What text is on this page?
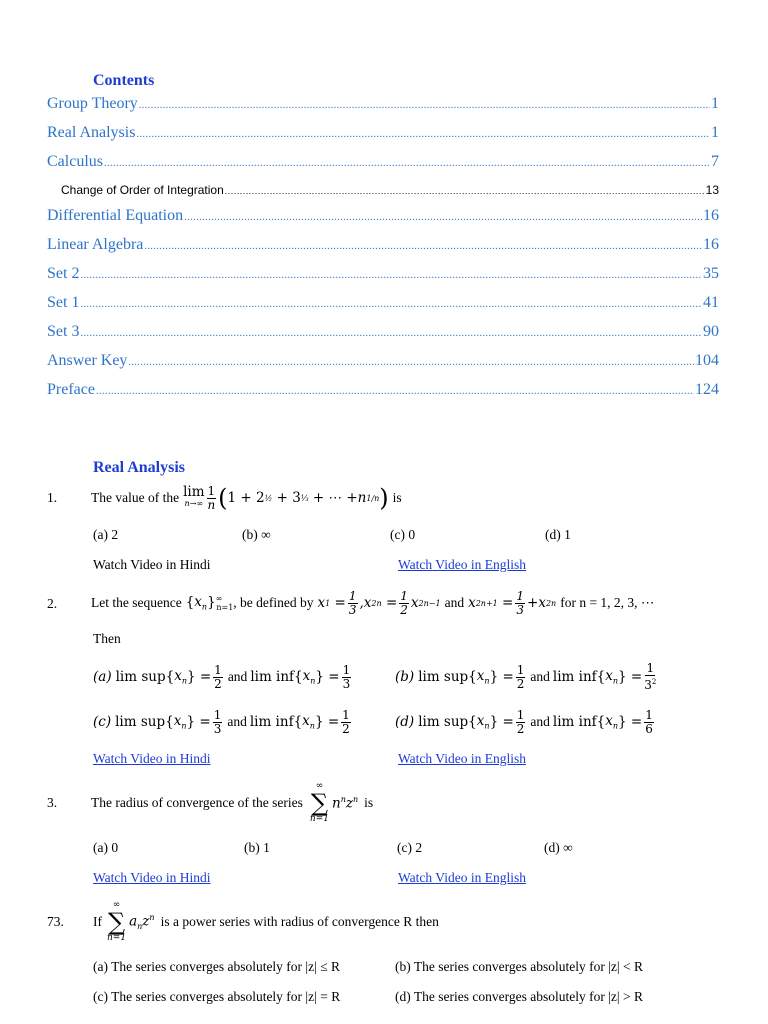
Contents
Group Theory .....	1
Real Analysis .....	1
Calculus .....	7
Change of Order of Integration .....	13
Differential Equation .....	16
Linear Algebra .....	16
Set 2 .....	35
Set 1 .....	41
Set 3 .....	90
Answer Key .....	104
Preface .....	124
Real Analysis
1.	The value of the lim
$n\to\infty \frac{1}{n}$ ( 1 + 2 ½ + 3 ⅓ + ⋯ + n 1/n ) is
(a) 2	(b) ∞	(c) 0	(d) 1
Watch Video in Hindi	Watch Video in English
2.	Let the sequence $\{x_n\}^\infty_{n=1}$ , be defined by x $1 = \frac{1}{3}$ , x $2n = \frac{1}{2}$ x 2n−1 and x $2n+1 = \frac{1}{3} + x$ 2n for n = 1, 2, 3, ⋯
Then
(a) lim sup{ $x_n$ } = $\frac{1}{2}$ and lim inf{ $x_n$ } = $\frac{1}{3}$	(b) lim sup{ $x_n$ } = $\frac{1}{2}$ and lim inf{ $x_n$ } = $\frac{1}{3^2}$
(c) lim sup{ $x_n$ } = $\frac{1}{3}$ and lim inf{ $x_n$ } = $\frac{1}{2}$	(d) lim sup{ $x_n$ } = $\frac{1}{2}$ and lim inf{ $x_n$ } = $\frac{1}{6}$
Watch Video in Hindi	Watch Video in English
3.	The radius of convergence of the series
∞
∑
n=1
$n^nz^n$ is
(a) 0	(b) 1	(c) 2	(d) ∞
Watch Video in Hindi	Watch Video in English
73. If
∞
∑
n=1
$a_nz^n$ is a power series with radius of convergence R then
(a) The series converges absolutely for |z| ≤ R	(b) The series converges absolutely for |z| < R
(c) The series converges absolutely for |z| = R	(d) The series converges absolutely for |z| > R
